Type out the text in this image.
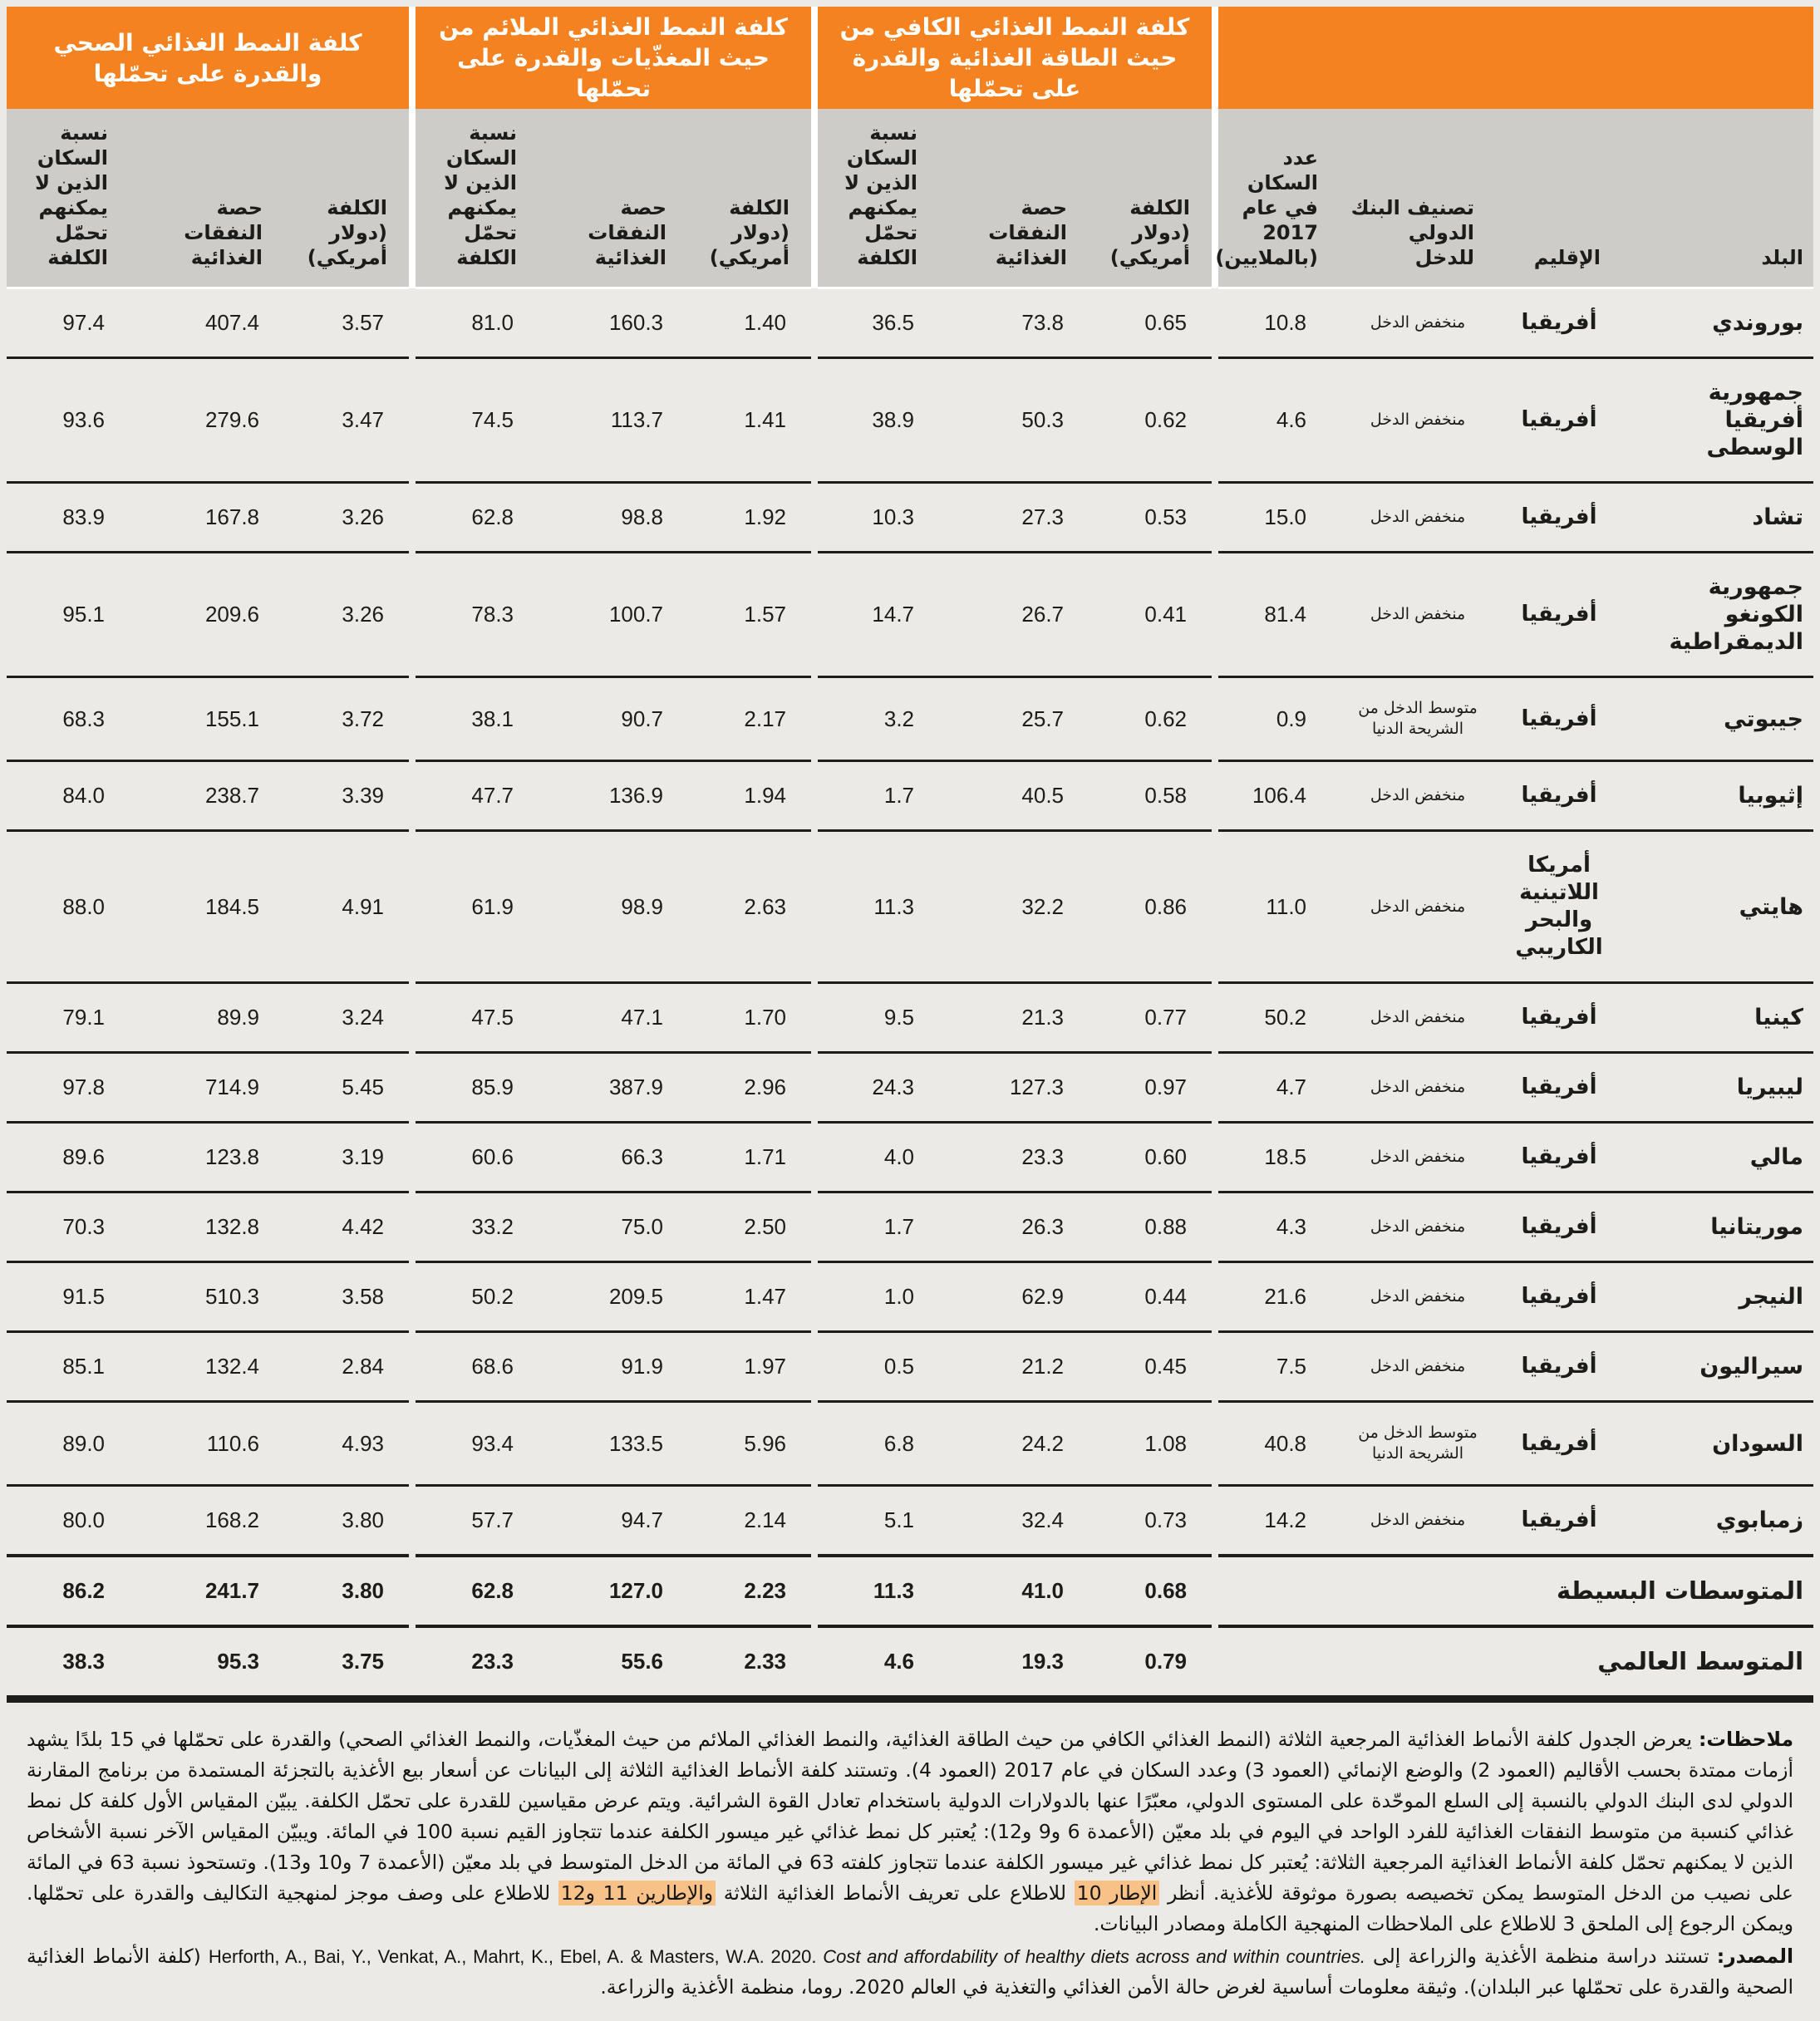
					كلفة النمط الغذائي الكافي من حيث الطاقة الغذائية والقدرة على تحمّلها				كلفة النمط الغذائي الملائم من حيث المغذّيات والقدرة على تحمّلها				كلفة النمط الغذائي الصحي والقدرة على تحمّلها		
البلد	الإقليم	تصنيف البنك الدولي للدخل	عدد السكان في عام 2017 (بالملايين)		الكلفة (دولار أمريكي)	حصة النفقات الغذائية	نسبة السكان الذين لا يمكنهم تحمّل الكلفة		الكلفة (دولار أمريكي)	حصة النفقات الغذائية	نسبة السكان الذين لا يمكنهم تحمّل الكلفة		الكلفة (دولار أمريكي)	حصة النفقات الغذائية	نسبة السكان الذين لا يمكنهم تحمّل الكلفة
بوروندي	أفريقيا	منخفض الدخل	10.8		0.65	73.8	36.5		1.40	160.3	81.0		3.57	407.4	97.4
جمهورية أفريقيا الوسطى	أفريقيا	منخفض الدخل	4.6		0.62	50.3	38.9		1.41	113.7	74.5		3.47	279.6	93.6
تشاد	أفريقيا	منخفض الدخل	15.0		0.53	27.3	10.3		1.92	98.8	62.8		3.26	167.8	83.9
جمهورية الكونغو الديمقراطية	أفريقيا	منخفض الدخل	81.4		0.41	26.7	14.7		1.57	100.7	78.3		3.26	209.6	95.1
جيبوتي	أفريقيا	متوسط الدخل من الشريحة الدنيا	0.9		0.62	25.7	3.2		2.17	90.7	38.1		3.72	155.1	68.3
إثيوبيا	أفريقيا	منخفض الدخل	106.4		0.58	40.5	1.7		1.94	136.9	47.7		3.39	238.7	84.0
هايتي	أمريكا اللاتينية والبحر الكاريبي	منخفض الدخل	11.0		0.86	32.2	11.3		2.63	98.9	61.9		4.91	184.5	88.0
كينيا	أفريقيا	منخفض الدخل	50.2		0.77	21.3	9.5		1.70	47.1	47.5		3.24	89.9	79.1
ليبيريا	أفريقيا	منخفض الدخل	4.7		0.97	127.3	24.3		2.96	387.9	85.9		5.45	714.9	97.8
مالي	أفريقيا	منخفض الدخل	18.5		0.60	23.3	4.0		1.71	66.3	60.6		3.19	123.8	89.6
موريتانيا	أفريقيا	منخفض الدخل	4.3		0.88	26.3	1.7		2.50	75.0	33.2		4.42	132.8	70.3
النيجر	أفريقيا	منخفض الدخل	21.6		0.44	62.9	1.0		1.47	209.5	50.2		3.58	510.3	91.5
سيراليون	أفريقيا	منخفض الدخل	7.5		0.45	21.2	0.5		1.97	91.9	68.6		2.84	132.4	85.1
السودان	أفريقيا	متوسط الدخل من الشريحة الدنيا	40.8		1.08	24.2	6.8		5.96	133.5	93.4		4.93	110.6	89.0
زمبابوي	أفريقيا	منخفض الدخل	14.2		0.73	32.4	5.1		2.14	94.7	57.7		3.80	168.2	80.0
المتوسطات البسيطة					0.68	41.0	11.3		2.23	127.0	62.8		3.80	241.7	86.2
المتوسط العالمي					0.79	19.3	4.6		2.33	55.6	23.3		3.75	95.3	38.3

ملاحظات: يعرض الجدول كلفة الأنماط الغذائية المرجعية الثلاثة (النمط الغذائي الكافي من حيث الطاقة الغذائية، والنمط الغذائي الملائم من حيث المغذّيات، والنمط الغذائي الصحي) والقدرة على تحمّلها في 15 بلدًا يشهد أزمات ممتدة بحسب الأقاليم (العمود 2) والوضع الإنمائي (العمود 3) وعدد السكان في عام 2017 (العمود 4). وتستند كلفة الأنماط الغذائية الثلاثة إلى البيانات عن أسعار بيع الأغذية بالتجزئة المستمدة من برنامج المقارنة الدولي لدى البنك الدولي بالنسبة إلى السلع الموحّدة على المستوى الدولي، معبّرًا عنها بالدولارات الدولية باستخدام تعادل القوة الشرائية. ويتم عرض مقياسين للقدرة على تحمّل الكلفة. يبيّن المقياس الأول كلفة كل نمط غذائي كنسبة من متوسط النفقات الغذائية للفرد الواحد في اليوم في بلد معيّن (الأعمدة 6 و9 و12): يُعتبر كل نمط غذائي غير ميسور الكلفة عندما تتجاوز القيم نسبة 100 في المائة. ويبيّن المقياس الآخر نسبة الأشخاص الذين لا يمكنهم تحمّل كلفة الأنماط الغذائية المرجعية الثلاثة: يُعتبر كل نمط غذائي غير ميسور الكلفة عندما تتجاوز كلفته 63 في المائة من الدخل المتوسط في بلد معيّن (الأعمدة 7 و10 و13). وتستحوذ نسبة 63 في المائة على نصيب من الدخل المتوسط يمكن تخصيصه بصورة موثوقة للأغذية. أنظر الإطار 10 للاطلاع على تعريف الأنماط الغذائية الثلاثة والإطارين 11 و12 للاطلاع على وصف موجز لمنهجية التكاليف والقدرة على تحمّلها. ويمكن الرجوع إلى الملحق 3 للاطلاع على الملاحظات المنهجية الكاملة ومصادر البيانات.

المصدر: تستند دراسة منظمة الأغذية والزراعة إلى Herforth, A., Bai, Y., Venkat, A., Mahrt, K., Ebel, A. & Masters, W.A. 2020. Cost and affordability of healthy diets across and within countries. (كلفة الأنماط الغذائية الصحية والقدرة على تحمّلها عبر البلدان). وثيقة معلومات أساسية لغرض حالة الأمن الغذائي والتغذية في العالم 2020. روما، منظمة الأغذية والزراعة.
